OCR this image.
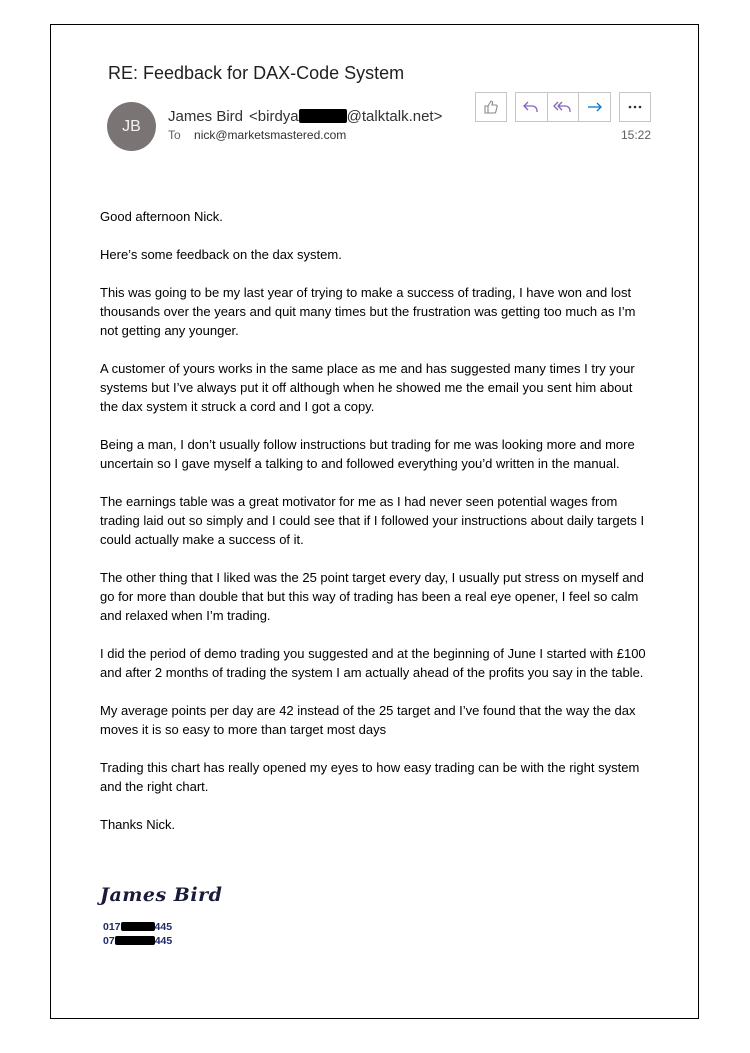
RE: Feedback for DAX-Code System
JB
James Bird <birdya	@talktalk.net>
To nick@marketsmastered.com	15:22

Good afternoon Nick.

Here’s some feedback on the dax system.

This was going to be my last year of trying to make a success of trading, I have won and lost thousands over the years and quit many times but the frustration was getting too much as I’m not getting any younger.

A customer of yours works in the same place as me and has suggested many times I try your systems but I’ve always put it off although when he showed me the email you sent him about the dax system it struck a cord and I got a copy.

Being a man, I don’t usually follow instructions but trading for me was looking more and more uncertain so I gave myself a talking to and followed everything you’d written in the manual.

The earnings table was a great motivator for me as I had never seen potential wages from trading laid out so simply and I could see that if I followed your instructions about daily targets I could actually make a success of it.

The other thing that I liked was the 25 point target every day, I usually put stress on myself and go for more than double that but this way of trading has been a real eye opener, I feel so calm and relaxed when I’m trading.

I did the period of demo trading you suggested and at the beginning of June I started with £100 and after 2 months of trading the system I am actually ahead of the profits you say in the table.

My average points per day are 42 instead of the 25 target and I’ve found that the way the dax moves it is so easy to more than target most days

Trading this chart has really opened my eyes to how easy trading can be with the right system and the right chart.

Thanks Nick.

James Bird
017	445
07	445
